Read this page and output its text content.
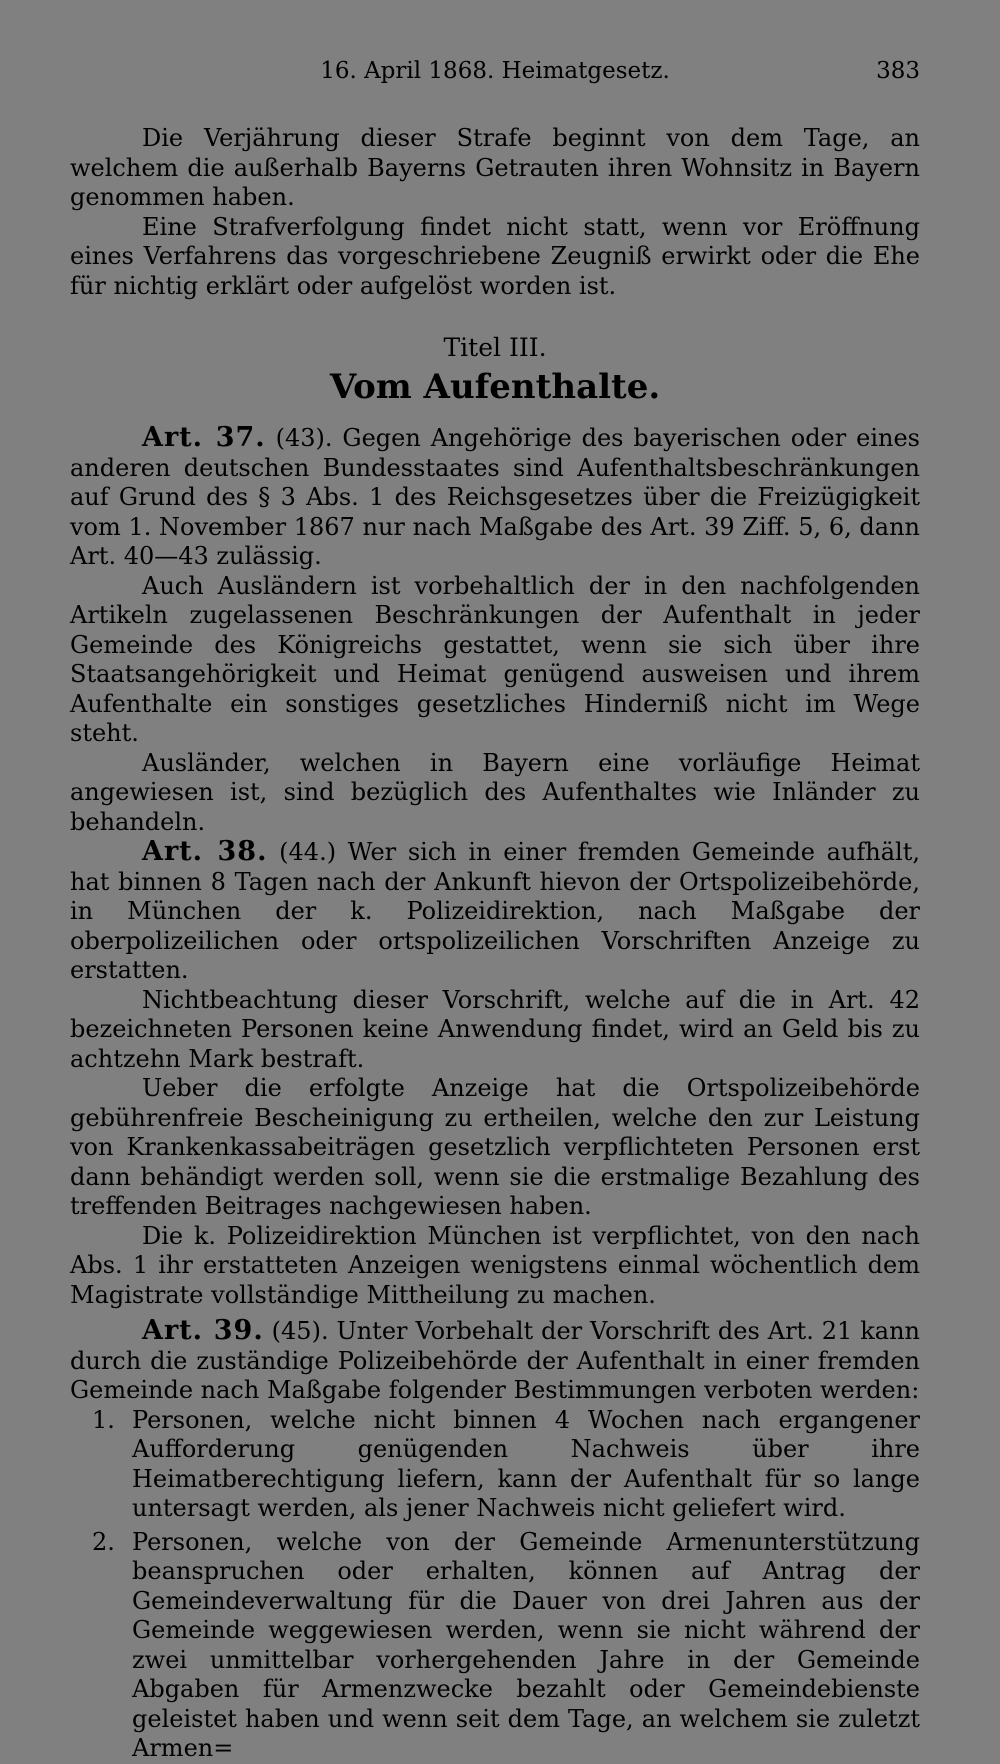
16. April 1868. Heimatgesetz.	383

Die Verjährung dieser Strafe beginnt von dem Tage, an welchem die außerhalb Bayerns Getrauten ihren Wohnsitz in Bayern genommen haben.

Eine Strafverfolgung findet nicht statt, wenn vor Eröffnung eines Verfahrens das vorgeschriebene Zeugniß erwirkt oder die Ehe für nichtig erklärt oder aufgelöst worden ist.

Titel III.
Vom Aufenthalte.

Art. 37. (43). Gegen Angehörige des bayerischen oder eines anderen deutschen Bundesstaates sind Aufenthaltsbeschränkungen auf Grund des § 3 Abs. 1 des Reichsgesetzes über die Freizügigkeit vom 1. November 1867 nur nach Maßgabe des Art. 39 Ziff. 5, 6, dann Art. 40—43 zulässig.

Auch Ausländern ist vorbehaltlich der in den nachfolgenden Artikeln zugelassenen Beschränkungen der Aufenthalt in jeder Gemeinde des Königreichs gestattet, wenn sie sich über ihre Staatsangehörigkeit und Heimat genügend ausweisen und ihrem Aufenthalte ein sonstiges gesetzliches Hinderniß nicht im Wege steht.

Ausländer, welchen in Bayern eine vorläufige Heimat angewiesen ist, sind bezüglich des Aufenthaltes wie Inländer zu behandeln.

Art. 38. (44.) Wer sich in einer fremden Gemeinde aufhält, hat binnen 8 Tagen nach der Ankunft hievon der Ortspolizeibehörde, in München der k. Polizeidirektion, nach Maßgabe der oberpolizeilichen oder ortspolizeilichen Vorschriften Anzeige zu erstatten.

Nichtbeachtung dieser Vorschrift, welche auf die in Art. 42 bezeichneten Personen keine Anwendung findet, wird an Geld bis zu achtzehn Mark bestraft.

Ueber die erfolgte Anzeige hat die Ortspolizeibehörde gebührenfreie Bescheinigung zu ertheilen, welche den zur Leistung von Krankenkassabeiträgen gesetzlich verpflichteten Personen erst dann behändigt werden soll, wenn sie die erstmalige Bezahlung des treffenden Beitrages nachgewiesen haben.

Die k. Polizeidirektion München ist verpflichtet, von den nach Abs. 1 ihr erstatteten Anzeigen wenigstens einmal wöchentlich dem Magistrate vollständige Mittheilung zu machen.

Art. 39. (45). Unter Vorbehalt der Vorschrift des Art. 21 kann durch die zuständige Polizeibehörde der Aufenthalt in einer fremden Gemeinde nach Maßgabe folgender Bestimmungen verboten werden:

1. Personen, welche nicht binnen 4 Wochen nach ergangener Aufforderung genügenden Nachweis über ihre Heimatberechtigung liefern, kann der Aufenthalt für so lange untersagt werden, als jener Nachweis nicht geliefert wird.
2. Personen, welche von der Gemeinde Armenunterstützung beanspruchen oder erhalten, können auf Antrag der Gemeindeverwaltung für die Dauer von drei Jahren aus der Gemeinde weggewiesen werden, wenn sie nicht während der zwei unmittelbar vorhergehenden Jahre in der Gemeinde Abgaben für Armenzwecke bezahlt oder Gemeindebienste geleistet haben und wenn seit dem Tage, an welchem sie zuletzt Armen=
